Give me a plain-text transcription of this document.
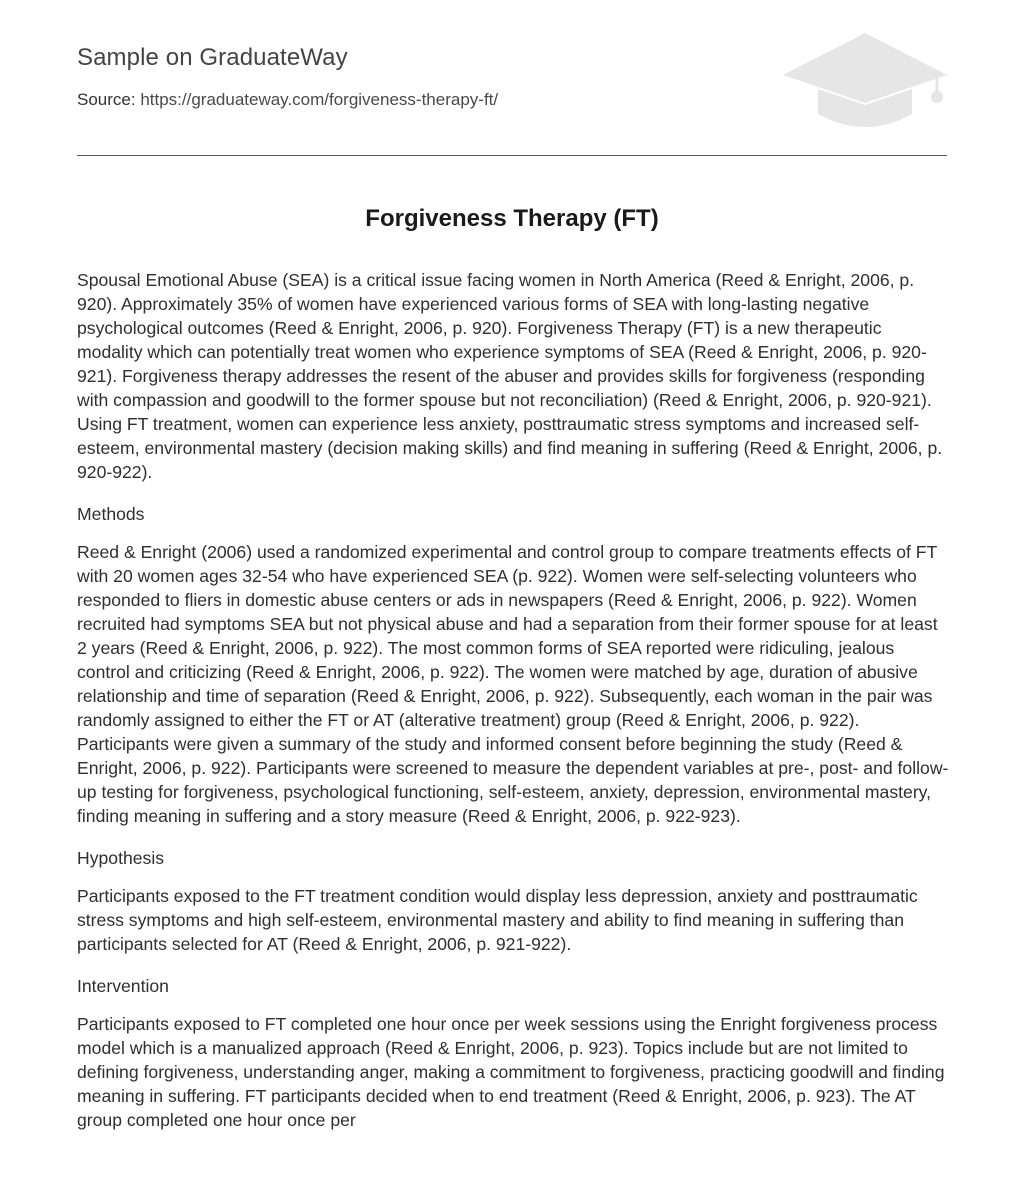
Sample on GraduateWay
Source: https://graduateway.com/forgiveness-therapy-ft/
Forgiveness Therapy (FT)

Spousal Emotional Abuse (SEA) is a critical issue facing women in North America (Reed & Enright, 2006, p. 920). Approximately 35% of women have experienced various forms of SEA with long-lasting negative psychological outcomes (Reed & Enright, 2006, p. 920). Forgiveness Therapy (FT) is a new therapeutic modality which can potentially treat women who experience symptoms of SEA (Reed & Enright, 2006, p. 920-921). Forgiveness therapy addresses the resent of the abuser and provides skills for forgiveness (responding with compassion and goodwill to the former spouse but not reconciliation) (Reed & Enright, 2006, p. 920-921). Using FT treatment, women can experience less anxiety, posttraumatic stress symptoms and increased self-esteem, environmental mastery (decision making skills) and find meaning in suffering (Reed & Enright, 2006, p. 920-922).

Methods

Reed & Enright (2006) used a randomized experimental and control group to compare treatments effects of FT with 20 women ages 32-54 who have experienced SEA (p. 922). Women were self-selecting volunteers who responded to fliers in domestic abuse centers or ads in newspapers (Reed & Enright, 2006, p. 922). Women recruited had symptoms SEA but not physical abuse and had a separation from their former spouse for at least 2 years (Reed & Enright, 2006, p. 922). The most common forms of SEA reported were ridiculing, jealous control and criticizing (Reed & Enright, 2006, p. 922). The women were matched by age, duration of abusive relationship and time of separation (Reed & Enright, 2006, p. 922). Subsequently, each woman in the pair was randomly assigned to either the FT or AT (alterative treatment) group (Reed & Enright, 2006, p. 922). Participants were given a summary of the study and informed consent before beginning the study (Reed & Enright, 2006, p. 922). Participants were screened to measure the dependent variables at pre-, post- and follow-up testing for forgiveness, psychological functioning, self-esteem, anxiety, depression, environmental mastery, finding meaning in suffering and a story measure (Reed & Enright, 2006, p. 922-923).

Hypothesis

Participants exposed to the FT treatment condition would display less depression, anxiety and posttraumatic stress symptoms and high self-esteem, environmental mastery and ability to find meaning in suffering than participants selected for AT (Reed & Enright, 2006, p. 921-922).

Intervention

Participants exposed to FT completed one hour once per week sessions using the Enright forgiveness process model which is a manualized approach (Reed & Enright, 2006, p. 923). Topics include but are not limited to defining forgiveness, understanding anger, making a commitment to forgiveness, practicing goodwill and finding meaning in suffering. FT participants decided when to end treatment (Reed & Enright, 2006, p. 923). The AT group completed one hour once per
